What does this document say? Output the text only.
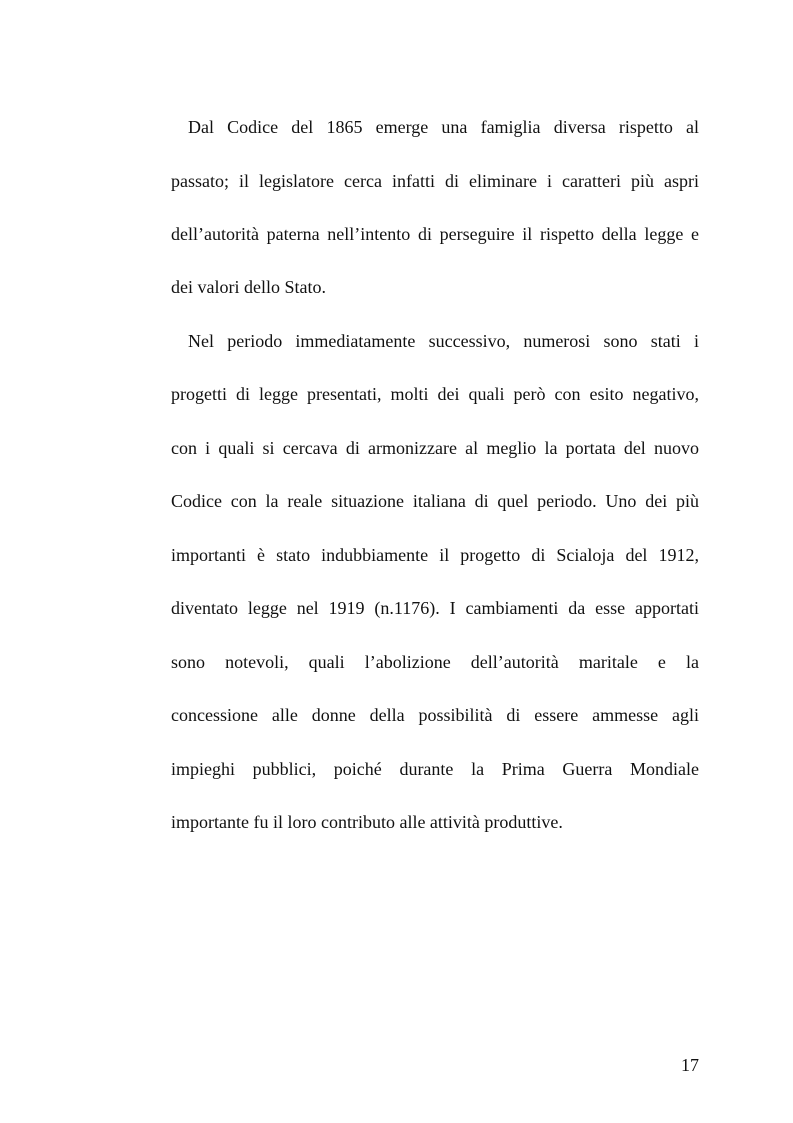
Dal Codice del 1865 emerge una famiglia diversa rispetto al
passato; il legislatore cerca infatti di eliminare i caratteri più aspri
dell’autorità paterna nell’intento di perseguire il rispetto della legge e
dei valori dello Stato.
Nel periodo immediatamente successivo, numerosi sono stati i
progetti di legge presentati, molti dei quali però con esito negativo,
con i quali si cercava di armonizzare al meglio la portata del nuovo
Codice con la reale situazione italiana di quel periodo. Uno dei più
importanti è stato indubbiamente il progetto di Scialoja del 1912,
diventato legge nel 1919 (n.1176). I cambiamenti da esse apportati
sono notevoli, quali l’abolizione dell’autorità maritale e la
concessione alle donne della possibilità di essere ammesse agli
impieghi pubblici, poiché durante la Prima Guerra Mondiale
importante fu il loro contributo alle attività produttive.
17
